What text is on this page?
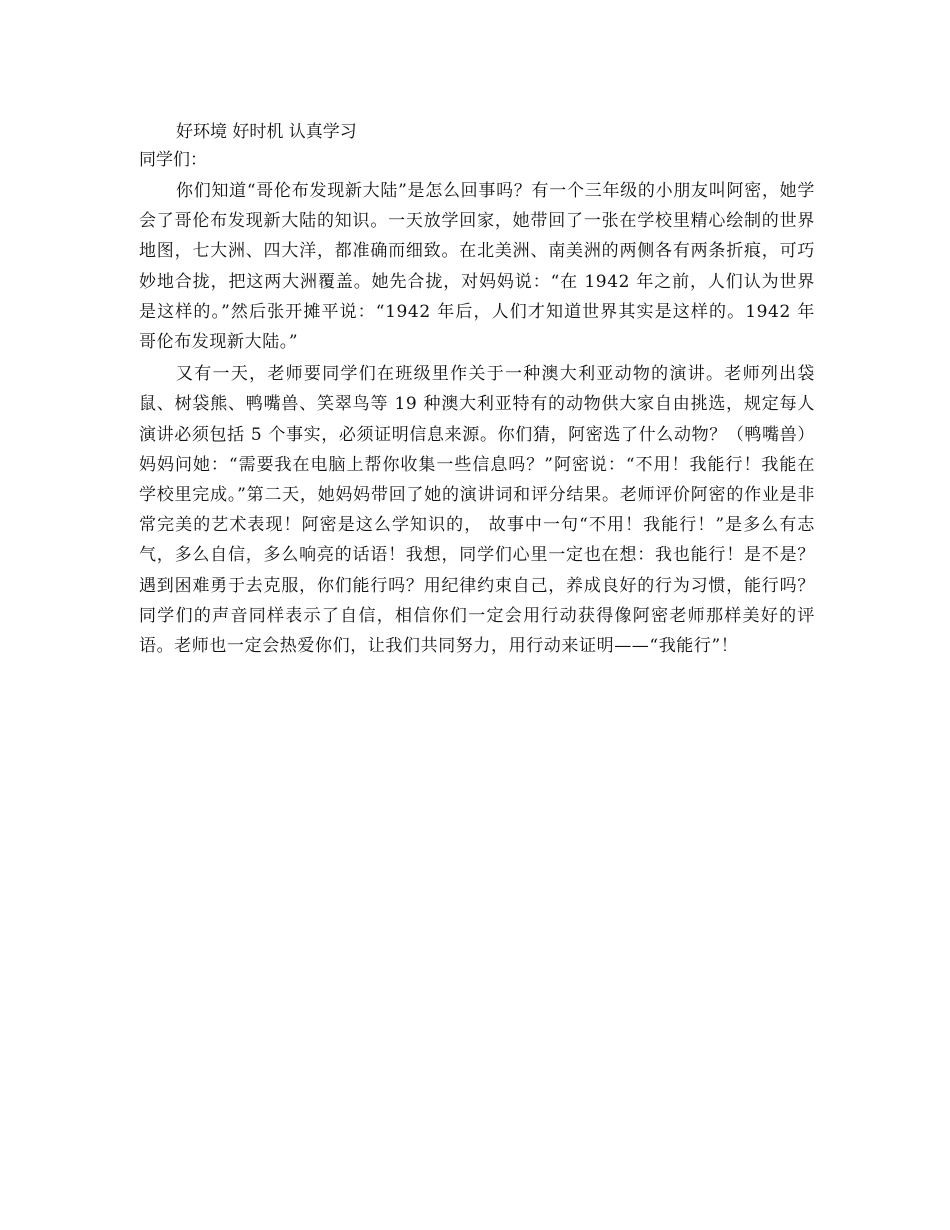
好环境 好时机 认真学习
同学们：

你们知道“哥伦布发现新大陆”是怎么回事吗？有一个三年级的小朋友叫阿密，她学会了哥伦布发现新大陆的知识。一天放学回家，她带回了一张在学校里精心绘制的世界地图，七大洲、四大洋，都准确而细致。在北美洲、南美洲的两侧各有两条折痕，可巧妙地合拢，把这两大洲覆盖。她先合拢，对妈妈说：“在 1942 年之前，人们认为世界是这样的。”然后张开摊平说：“1942 年后，人们才知道世界其实是这样的。1942 年哥伦布发现新大陆。”

又有一天，老师要同学们在班级里作关于一种澳大利亚动物的演讲。老师列出袋鼠、树袋熊、鸭嘴兽、笑翠鸟等 19 种澳大利亚特有的动物供大家自由挑选，规定每人演讲必须包括 5 个事实，必须证明信息来源。你们猜，阿密选了什么动物？（鸭嘴兽）妈妈问她：“需要我在电脑上帮你收集一些信息吗？”阿密说：“不用！我能行！我能在学校里完成。”第二天，她妈妈带回了她的演讲词和评分结果。老师评价阿密的作业是非常完美的艺术表现！阿密是这么学知识的， 故事中一句“不用！我能行！”是多么有志气，多么自信，多么响亮的话语！我想，同学们心里一定也在想：我也能行！是不是？遇到困难勇于去克服，你们能行吗？用纪律约束自己，养成良好的行为习惯，能行吗？同学们的声音同样表示了自信，相信你们一定会用行动获得像阿密老师那样美好的评语。老师也一定会热爱你们，让我们共同努力，用行动来证明——“我能行”！
